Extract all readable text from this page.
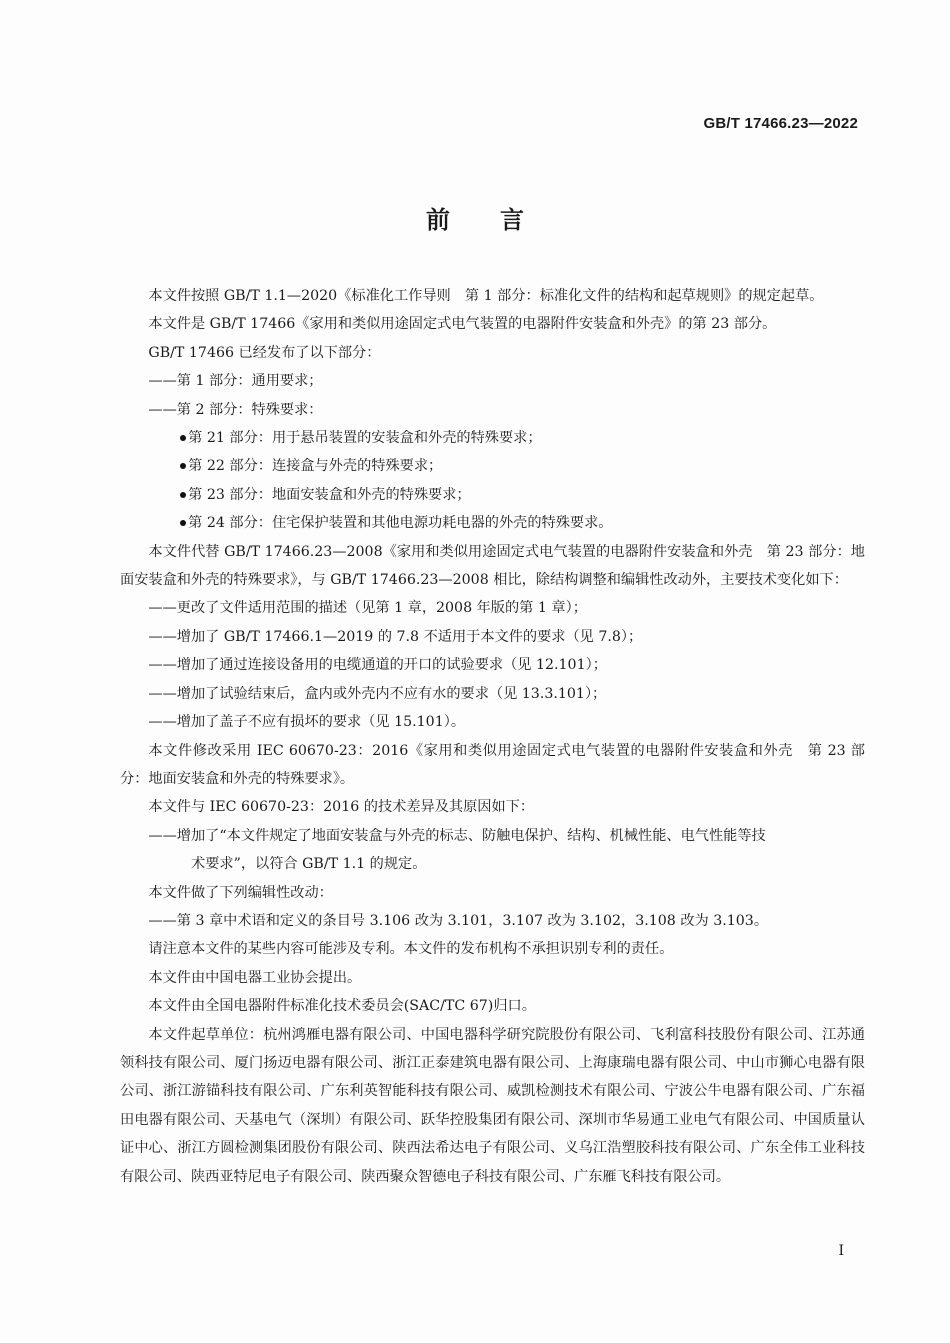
GB/T 17466.23—2022
前言

本文件按照 GB/T 1.1—2020《标准化工作导则　第 1 部分：标准化文件的结构和起草规则》的规定起草。

本文件是 GB/T 17466《家用和类似用途固定式电气装置的电器附件安装盒和外壳》的第 23 部分。

GB/T 17466 已经发布了以下部分：

——第 1 部分：通用要求；

——第 2 部分：特殊要求：

第 21 部分：用于悬吊装置的安装盒和外壳的特殊要求；

第 22 部分：连接盒与外壳的特殊要求；

第 23 部分：地面安装盒和外壳的特殊要求；

第 24 部分：住宅保护装置和其他电源功耗电器的外壳的特殊要求。

本文件代替 GB/T 17466.23—2008《家用和类似用途固定式电气装置的电器附件安装盒和外壳　第 23 部分：地面安装盒和外壳的特殊要求》，与 GB/T 17466.23—2008 相比，除结构调整和编辑性改动外，主要技术变化如下：

——更改了文件适用范围的描述（见第 1 章，2008 年版的第 1 章）；

——增加了 GB/T 17466.1—2019 的 7.8 不适用于本文件的要求（见 7.8）；

——增加了通过连接设备用的电缆通道的开口的试验要求（见 12.101）；

——增加了试验结束后，盒内或外壳内不应有水的要求（见 13.3.101）；

——增加了盖子不应有损坏的要求（见 15.101）。

本文件修改采用 IEC 60670-23：2016《家用和类似用途固定式电气装置的电器附件安装盒和外壳　第 23 部分：地面安装盒和外壳的特殊要求》。

本文件与 IEC 60670-23：2016 的技术差异及其原因如下：

——增加了“本文件规定了地面安装盒与外壳的标志、防触电保护、结构、机械性能、电气性能等技

术要求”，以符合 GB/T 1.1 的规定。

本文件做了下列编辑性改动：

——第 3 章中术语和定义的条目号 3.106 改为 3.101，3.107 改为 3.102，3.108 改为 3.103。

请注意本文件的某些内容可能涉及专利。本文件的发布机构不承担识别专利的责任。

本文件由中国电器工业协会提出。

本文件由全国电器附件标准化技术委员会(SAC/TC 67)归口。

本文件起草单位：杭州鸿雁电器有限公司、中国电器科学研究院股份有限公司、飞利富科技股份有限公司、江苏通领科技有限公司、厦门扬迈电器有限公司、浙江正泰建筑电器有限公司、上海康瑞电器有限公司、中山市狮心电器有限公司、浙江游锚科技有限公司、广东利英智能科技有限公司、威凯检测技术有限公司、宁波公牛电器有限公司、广东福田电器有限公司、天基电气（深圳）有限公司、跃华控股集团有限公司、深圳市华易通工业电气有限公司、中国质量认证中心、浙江方圆检测集团股份有限公司、陕西法希达电子有限公司、义乌江浩塑胶科技有限公司、广东全伟工业科技有限公司、陕西亚特尼电子有限公司、陕西聚众智德电子科技有限公司、广东雁飞科技有限公司。

I
